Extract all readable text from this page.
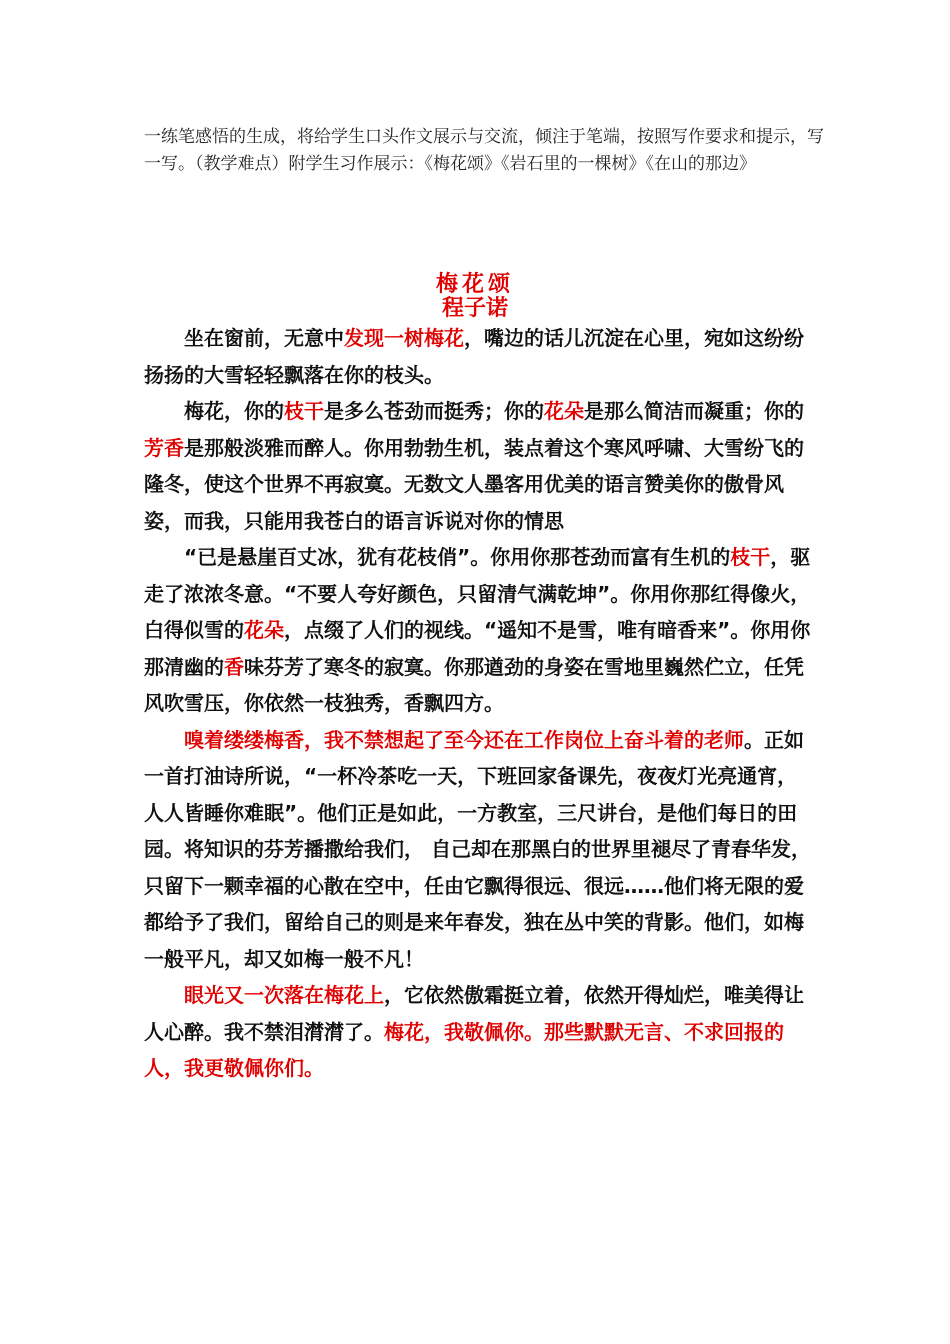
一练笔感悟的生成，将给学生口头作文展示与交流，倾注于笔端，按照写作要求和提示，写一写。（教学难点）附学生习作展示：《梅花颂》《岩石里的一棵树》《在山的那边》
梅花颂
程子诺

坐在窗前，无意中发现一树梅花，嘴边的话儿沉淀在心里，宛如这纷纷扬扬的大雪轻轻飘落在你的枝头。

梅花，你的枝干是多么苍劲而挺秀；你的花朵是那么简洁而凝重；你的芳香是那般淡雅而醉人。你用勃勃生机，装点着这个寒风呼啸、大雪纷飞的隆冬，使这个世界不再寂寞。无数文人墨客用优美的语言赞美你的傲骨风姿，而我，只能用我苍白的语言诉说对你的情思

“已是悬崖百丈冰，犹有花枝俏”。你用你那苍劲而富有生机的枝干，驱走了浓浓冬意。“不要人夸好颜色，只留清气满乾坤”。你用你那红得像火，白得似雪的花朵，点缀了人们的视线。“遥知不是雪，唯有暗香来”。你用你那清幽的香味芬芳了寒冬的寂寞。你那遒劲的身姿在雪地里巍然伫立，任凭风吹雪压，你依然一枝独秀，香飘四方。

嗅着缕缕梅香，我不禁想起了至今还在工作岗位上奋斗着的老师。正如一首打油诗所说，“一杯冷茶吃一天，下班回家备课先，夜夜灯光亮通宵，人人皆睡你难眠”。他们正是如此，一方教室，三尺讲台，是他们每日的田园。将知识的芬芳播撒给我们， 自己却在那黑白的世界里褪尽了青春华发，只留下一颗幸福的心散在空中，任由它飘得很远、很远……他们将无限的爱都给予了我们，留给自己的则是来年春发，独在丛中笑的背影。他们，如梅一般平凡，却又如梅一般不凡！

眼光又一次落在梅花上，它依然傲霜挺立着，依然开得灿烂，唯美得让人心醉。我不禁泪潸潸了。梅花，我敬佩你。那些默默无言、不求回报的人，我更敬佩你们。
